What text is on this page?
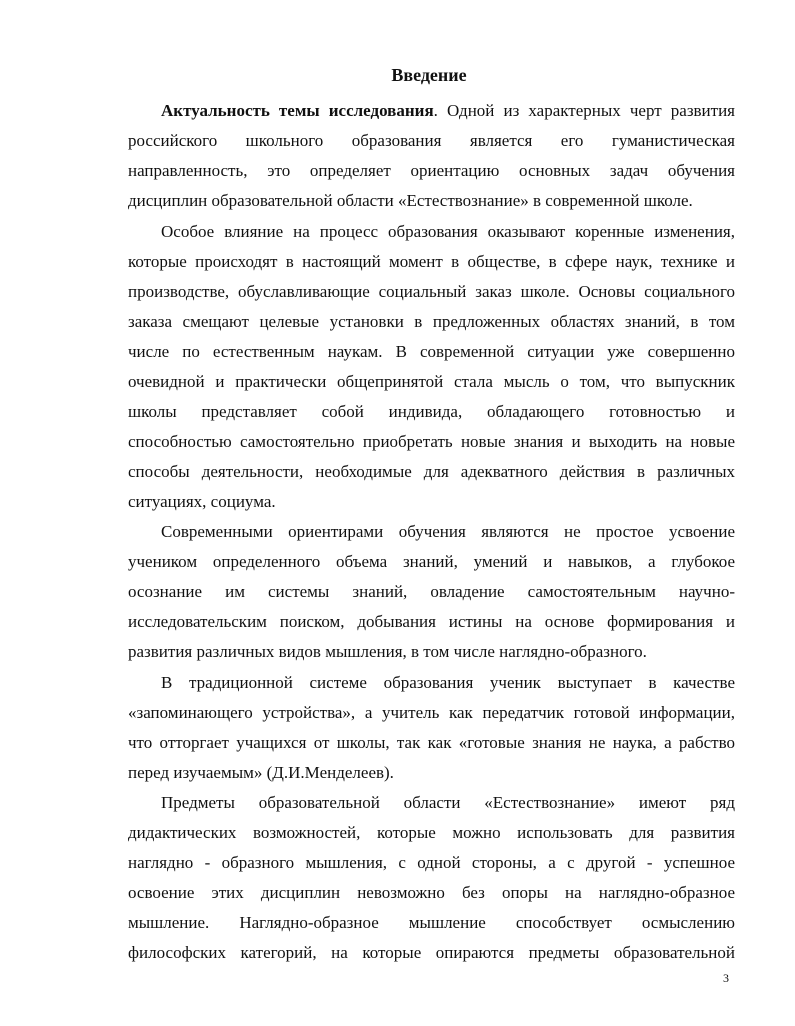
Введение
Актуальность темы исследования. Одной из характерных черт развития
российского школьного образования является его гуманистическая
направленность, это определяет ориентацию основных задач обучения
дисциплин образовательной области «Естествознание» в современной школе.
Особое влияние на процесс образования оказывают коренные изменения,
которые происходят в настоящий момент в обществе, в сфере наук, технике и
производстве, обуславливающие социальный заказ школе. Основы социального
заказа смещают целевые установки в предложенных областях знаний, в том
числе по естественным наукам. В современной ситуации уже совершенно
очевидной и практически общепринятой стала мысль о том, что выпускник
школы представляет собой индивида, обладающего готовностью и
способностью самостоятельно приобретать новые знания и выходить на новые
способы деятельности, необходимые для адекватного действия в различных
ситуациях, социума.
Современными ориентирами обучения являются не простое усвоение
учеником определенного объема знаний, умений и навыков, а глубокое
осознание им системы знаний, овладение самостоятельным научно-
исследовательским поиском, добывания истины на основе формирования и
развития различных видов мышления, в том числе наглядно-образного.
В традиционной системе образования ученик выступает в качестве
«запоминающего устройства», а учитель как передатчик готовой информации,
что отторгает учащихся от школы, так как «готовые знания не наука, а рабство
перед изучаемым» (Д.И.Менделеев).
Предметы образовательной области «Естествознание» имеют ряд
дидактических возможностей, которые можно использовать для развития
наглядно - образного мышления, с одной стороны, а с другой - успешное
освоение этих дисциплин невозможно без опоры на наглядно-образное
мышление. Наглядно-образное мышление способствует осмыслению
философских категорий, на которые опираются предметы образовательной
3
